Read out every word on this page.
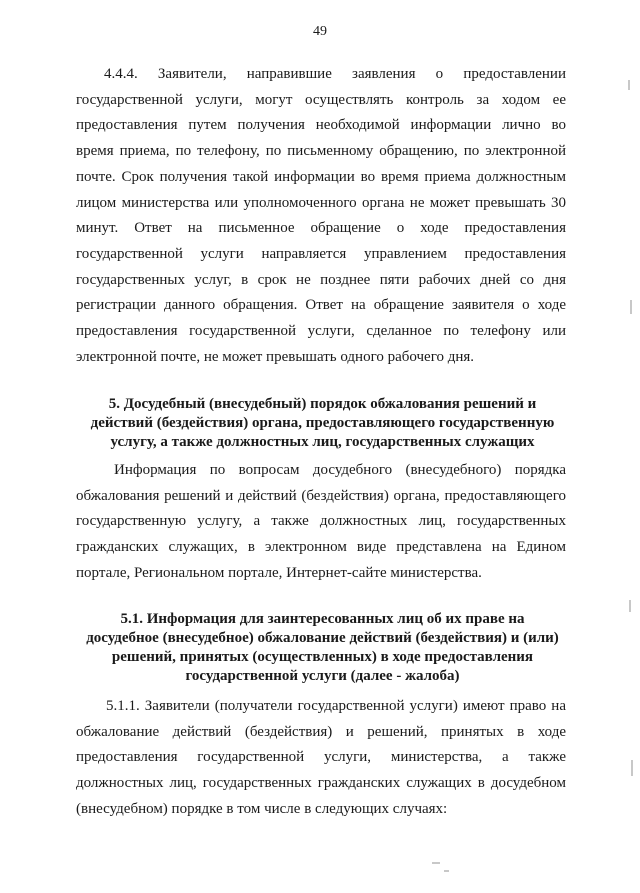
49
4.4.4. Заявители, направившие заявления о предоставлении
государственной услуги, могут осуществлять контроль за ходом ее
предоставления путем получения необходимой информации лично во
время приема, по телефону, по письменному обращению, по электронной
почте. Срок получения такой информации во время приема должностным
лицом министерства или уполномоченного органа не может превышать 30
минут. Ответ на письменное обращение о ходе предоставления
государственной услуги направляется управлением предоставления
государственных услуг, в срок не позднее пяти рабочих дней со дня
регистрации данного обращения. Ответ на обращение заявителя о ходе
предоставления государственной услуги, сделанное по телефону или
электронной почте, не может превышать одного рабочего дня.
5. Досудебный (внесудебный) порядок обжалования решений и
действий (бездействия) органа, предоставляющего государственную
услугу, а также должностных лиц, государственных служащих
Информация по вопросам досудебного (внесудебного) порядка
обжалования решений и действий (бездействия) органа, предоставляющего
государственную услугу, а также должностных лиц, государственных
гражданских служащих, в электронном виде представлена на Едином
порталe, Региональном портале, Интернет-сайте министерства.
5.1. Информация для заинтересованных лиц об их праве на
досудебное (внесудебное) обжалование действий (бездействия) и (или)
решений, принятых (осуществленных) в ходе предоставления
государственной услуги (далее - жалоба)
5.1.1. Заявители (получатели государственной услуги) имеют право на
обжалование действий (бездействия) и решений, принятых в ходе
предоставления государственной услуги, министерства, а также
должностных лиц, государственных гражданских служащих в досудебном
(внесудебном) порядке в том числе в следующих случаях:
